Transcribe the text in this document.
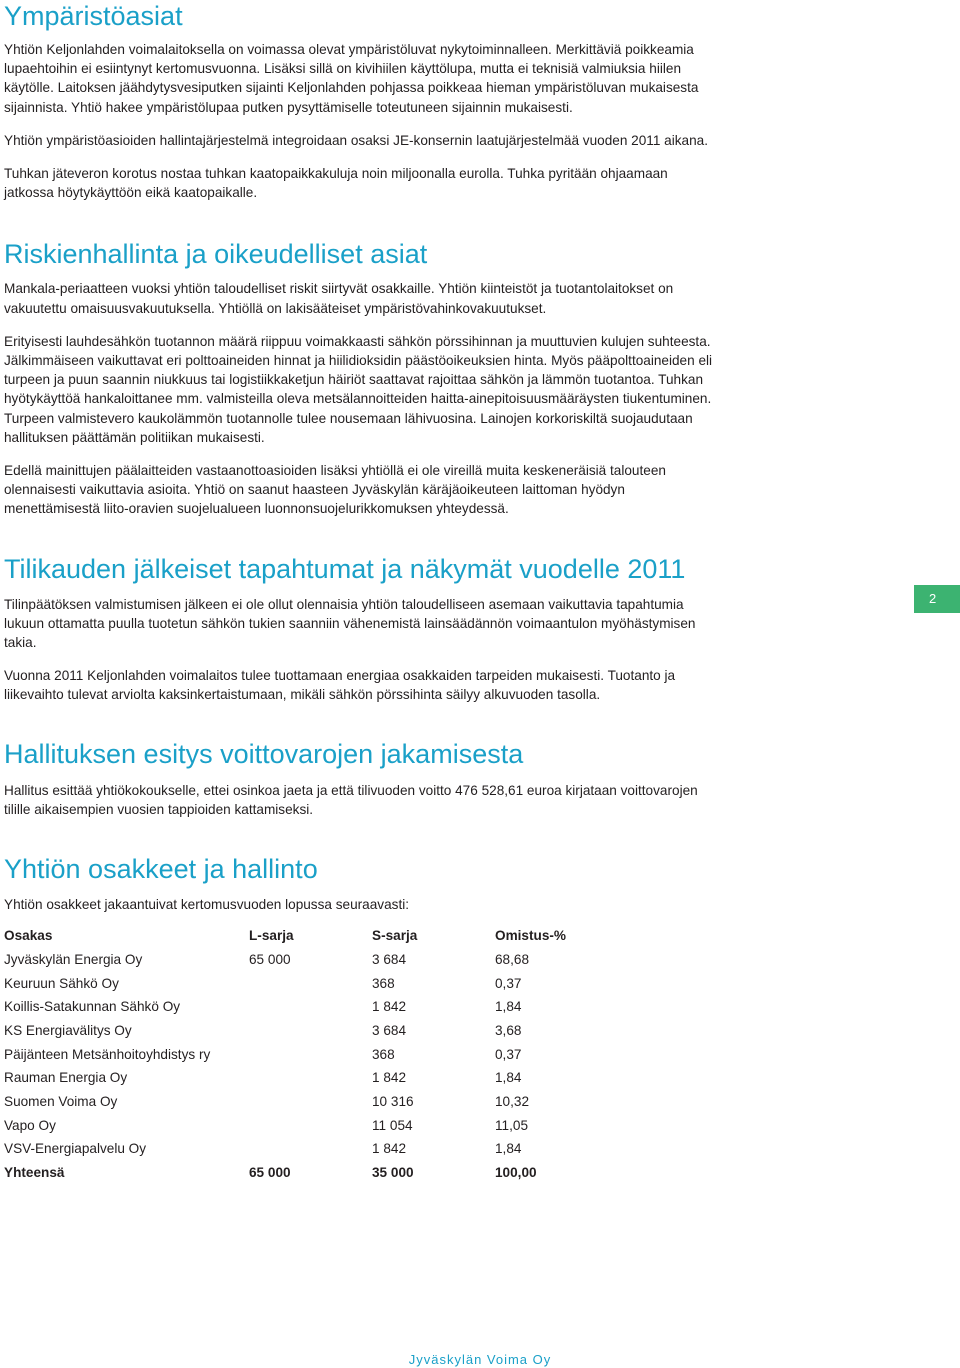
Ympäristöasiat

Yhtiön Keljonlahden voimalaitoksella on voimassa olevat ympäristöluvat nykytoiminnalleen. Merkittäviä poikkeamia lupaehtoihin ei esiintynyt kertomusvuonna. Lisäksi sillä on kivihiilen käyttölupa, mutta ei teknisiä valmiuksia hiilen käytölle. Laitoksen jäähdytysvesiputken sijainti Keljonlahden pohjassa poikkeaa hieman ympäristöluvan mukaisesta sijainnista. Yhtiö hakee ympäristölupaa putken pysyttämiselle toteutuneen sijainnin mukaisesti.

Yhtiön ympäristöasioiden hallintajärjestelmä integroidaan osaksi JE-konsernin laatujärjestelmää vuoden 2011 aikana.

Tuhkan jäteveron korotus nostaa tuhkan kaatopaikkakuluja noin miljoonalla eurolla. Tuhka pyritään ohjaamaan jatkossa höytykäyttöön eikä kaatopaikalle.

Riskienhallinta ja oikeudelliset asiat

Mankala-periaatteen vuoksi yhtiön taloudelliset riskit siirtyvät osakkaille. Yhtiön kiinteistöt ja tuotantolaitokset on vakuutettu omaisuusvakuutuksella. Yhtiöllä on lakisääteiset ympäristövahinkovakuutukset.

Erityisesti lauhdesähkön tuotannon määrä riippuu voimakkaasti sähkön pörssihinnan ja muuttuvien kulujen suhteesta. Jälkimmäiseen vaikuttavat eri polttoaineiden hinnat ja hiilidioksidin päästöoikeuksien hinta. Myös pääpolttoaineiden eli turpeen ja puun saannin niukkuus tai logistiikkaketjun häiriöt saattavat rajoittaa sähkön ja lämmön tuotantoa. Tuhkan hyötykäyttöä hankaloittanee mm. valmisteilla oleva metsälannoitteiden haitta-ainepitoisuusmääräysten tiukentuminen. Turpeen valmistevero kaukolämmön tuotannolle tulee nousemaan lähivuosina. Lainojen korkoriskiltä suojaudutaan hallituksen päättämän politiikan mukaisesti.

Edellä mainittujen päälaitteiden vastaanottoasioiden lisäksi yhtiöllä ei ole vireillä muita keskeneräisiä talouteen olennaisesti vaikuttavia asioita. Yhtiö on saanut haasteen Jyväskylän käräjäoikeuteen laittoman hyödyn menettämisestä liito-oravien suojelualueen luonnonsuojelurikkomuksen yhteydessä.

Tilikauden jälkeiset tapahtumat ja näkymät vuodelle 2011

Tilinpäätöksen valmistumisen jälkeen ei ole ollut olennaisia yhtiön taloudelliseen asemaan vaikuttavia tapahtumia lukuun ottamatta puulla tuotetun sähkön tukien saanniin vähenemistä lainsäädännön voimaantulon myöhästymisen takia.

Vuonna 2011 Keljonlahden voimalaitos tulee tuottamaan energiaa osakkaiden tarpeiden mukaisesti. Tuotanto ja liikevaihto tulevat arviolta kaksinkertaistumaan, mikäli sähkön pörssihinta säilyy alkuvuoden tasolla.

Hallituksen esitys voittovarojen jakamisesta

Hallitus esittää yhtiökokoukselle, ettei osinkoa jaeta ja että tilivuoden voitto 476 528,61 euroa kirjataan voittovarojen tilille aikaisempien vuosien tappioiden kattamiseksi.

Yhtiön osakkeet ja hallinto

Yhtiön osakkeet jakaantuivat kertomusvuoden lopussa seuraavasti:

Osakas	L-sarja	S-sarja	Omistus-%
Jyväskylän Energia Oy	65 000	3 684	68,68
Keuruun Sähkö Oy		368	0,37
Koillis-Satakunnan Sähkö Oy		1 842	1,84
KS Energiavälitys Oy		3 684	3,68
Päijänteen Metsänhoitoyhdistys ry		368	0,37
Rauman Energia Oy		1 842	1,84
Suomen Voima Oy		10 316	10,32
Vapo Oy		11 054	11,05
VSV-Energiapalvelu Oy		1 842	1,84
Yhteensä	65 000	35 000	100,00
2
Jyväskylän Voima Oy
